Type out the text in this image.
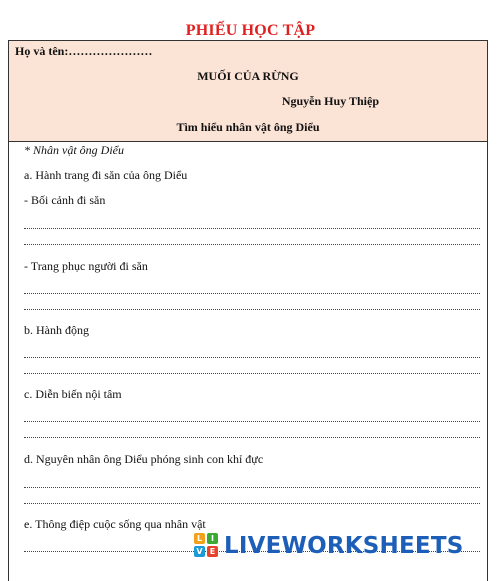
PHIẾU HỌC TẬP
Họ và tên:…………………
MUỐI CỦA RỪNG
Nguyễn Huy Thiệp
Tìm hiểu nhân vật ông Diểu
* Nhân vật ông Diểu
a. Hành trang đi săn của ông Diểu
- Bối cảnh đi săn
- Trang phục người đi săn
b. Hành động
c. Diễn biến nội tâm
d. Nguyên nhân ông Diểu phóng sinh con khỉ đực
e. Thông điệp cuộc sống qua nhân vật
L	I
V E LIVEWORKSHEETS
